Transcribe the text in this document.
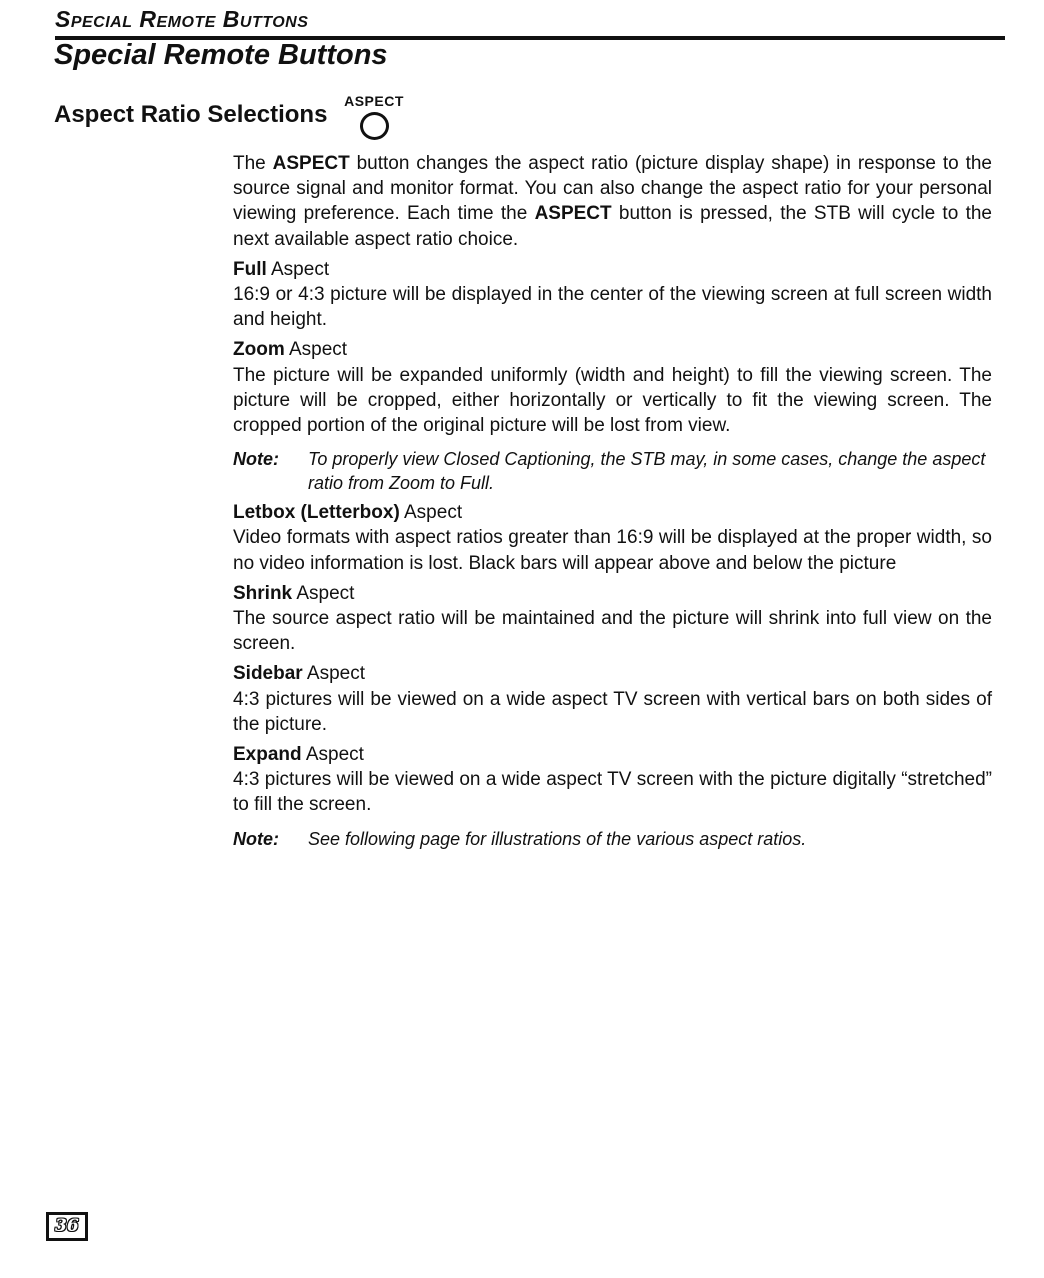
Special Remote Buttons
Special Remote Buttons
Aspect Ratio Selections	ASPECT

The ASPECT button changes the aspect ratio (picture display shape) in response to the source signal and monitor format. You can also change the aspect ratio for your personal viewing preference. Each time the ASPECT button is pressed, the STB will cycle to the next available aspect ratio choice.

Full Aspect

16:9 or 4:3 picture will be displayed in the center of the viewing screen at full screen width and height.

Zoom Aspect

The picture will be expanded uniformly (width and height) to fill the viewing screen. The picture will be cropped, either horizontally or vertically to fit the viewing screen. The cropped portion of the original picture will be lost from view.

Note:	To properly view Closed Captioning, the STB may, in some cases, change the aspect ratio from Zoom to Full.
Letbox (Letterbox) Aspect

Video formats with aspect ratios greater than 16:9 will be displayed at the proper width, so no video information is lost. Black bars will appear above and below the picture

Shrink Aspect

The source aspect ratio will be maintained and the picture will shrink into full view on the screen.

Sidebar Aspect

4:3 pictures will be viewed on a wide aspect TV screen with vertical bars on both sides of the picture.

Expand Aspect

4:3 pictures will be viewed on a wide aspect TV screen with the picture digitally “stretched” to fill the screen.

Note:	See following page for illustrations of the various aspect ratios.
36
